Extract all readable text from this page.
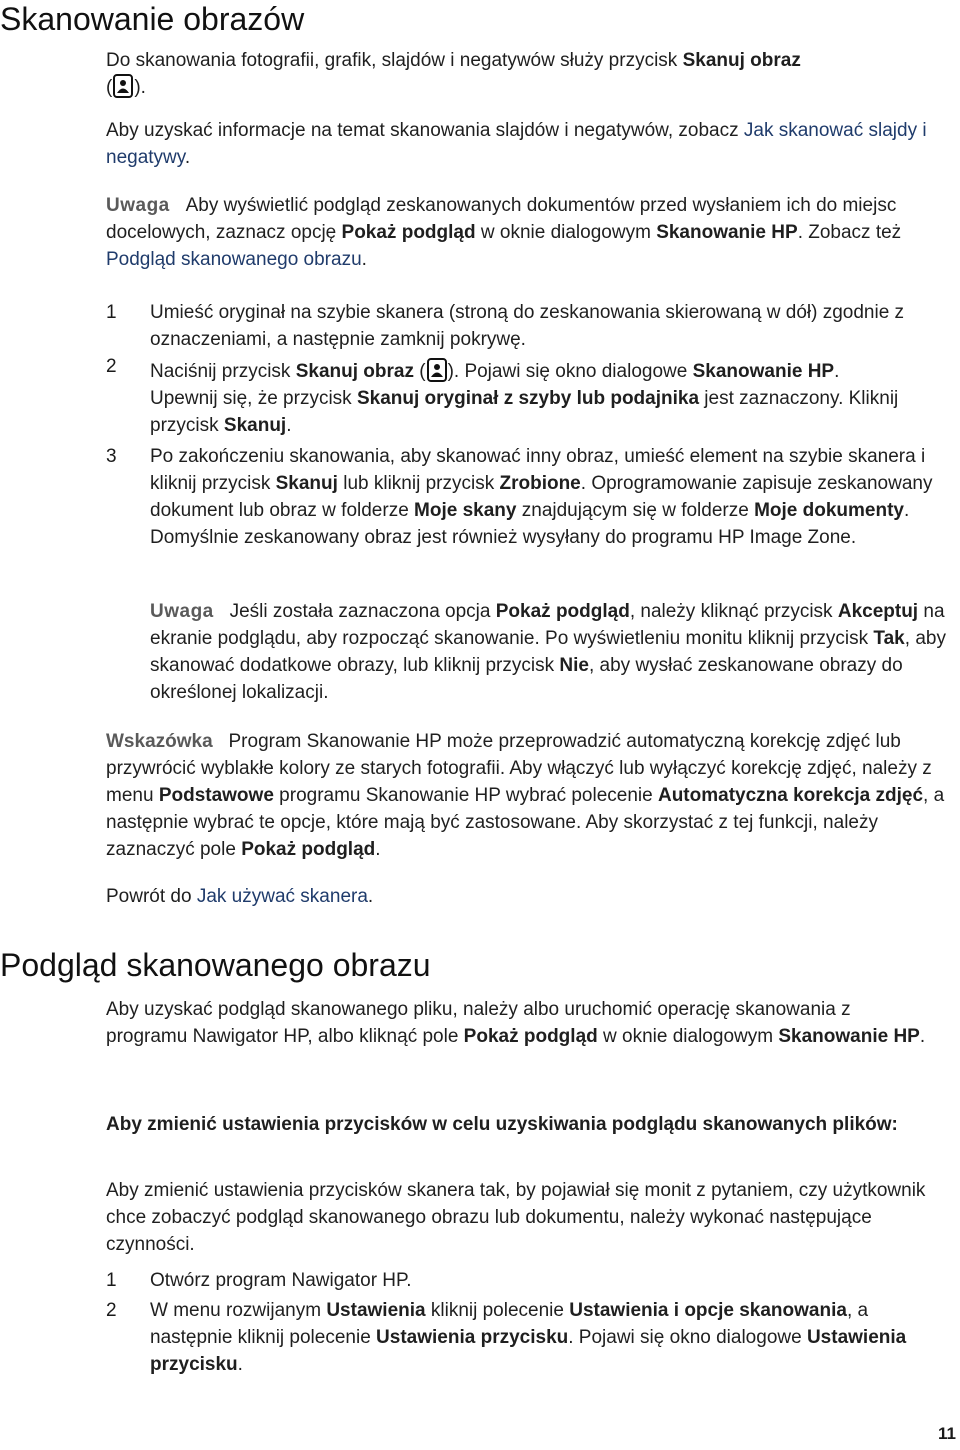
Skanowanie obrazów
Do skanowania fotografii, grafik, slajdów i negatywów służy przycisk Skanuj obraz
( ).
Aby uzyskać informacje na temat skanowania slajdów i negatywów, zobacz Jak skanować slajdy i negatywy.
Uwaga Aby wyświetlić podgląd zeskanowanych dokumentów przed wysłaniem ich do miejsc docelowych, zaznacz opcję Pokaż podgląd w oknie dialogowym Skanowanie HP. Zobacz też Podgląd skanowanego obrazu.
1	Umieść oryginał na szybie skanera (stroną do zeskanowania skierowaną w dół) zgodnie z oznaczeniami, a następnie zamknij pokrywę.
2	Naciśnij przycisk Skanuj obraz ( ). Pojawi się okno dialogowe Skanowanie HP.
Upewnij się, że przycisk Skanuj oryginał z szyby lub podajnika jest zaznaczony. Kliknij przycisk Skanuj.
3	Po zakończeniu skanowania, aby skanować inny obraz, umieść element na szybie skanera i kliknij przycisk Skanuj lub kliknij przycisk Zrobione. Oprogramowanie zapisuje zeskanowany dokument lub obraz w folderze Moje skany znajdującym się w folderze Moje dokumenty. Domyślnie zeskanowany obraz jest również wysyłany do programu HP Image Zone.
Uwaga Jeśli została zaznaczona opcja Pokaż podgląd, należy kliknąć przycisk Akceptuj na ekranie podglądu, aby rozpocząć skanowanie. Po wyświetleniu monitu kliknij przycisk Tak, aby skanować dodatkowe obrazy, lub kliknij przycisk Nie, aby wysłać zeskanowane obrazy do określonej lokalizacji.
Wskazówka Program Skanowanie HP może przeprowadzić automatyczną korekcję zdjęć lub przywrócić wyblakłe kolory ze starych fotografii. Aby włączyć lub wyłączyć korekcję zdjęć, należy z menu Podstawowe programu Skanowanie HP wybrać polecenie Automatyczna korekcja zdjęć, a następnie wybrać te opcje, które mają być zastosowane. Aby skorzystać z tej funkcji, należy zaznaczyć pole Pokaż podgląd.
Powrót do Jak używać skanera.
Podgląd skanowanego obrazu
Aby uzyskać podgląd skanowanego pliku, należy albo uruchomić operację skanowania z programu Nawigator HP, albo kliknąć pole Pokaż podgląd w oknie dialogowym Skanowanie HP.
Aby zmienić ustawienia przycisków w celu uzyskiwania podglądu skanowanych plików:
Aby zmienić ustawienia przycisków skanera tak, by pojawiał się monit z pytaniem, czy użytkownik chce zobaczyć podgląd skanowanego obrazu lub dokumentu, należy wykonać następujące czynności.
1	Otwórz program Nawigator HP.
2	W menu rozwijanym Ustawienia kliknij polecenie Ustawienia i opcje skanowania, a następnie kliknij polecenie Ustawienia przycisku. Pojawi się okno dialogowe Ustawienia przycisku.
11
